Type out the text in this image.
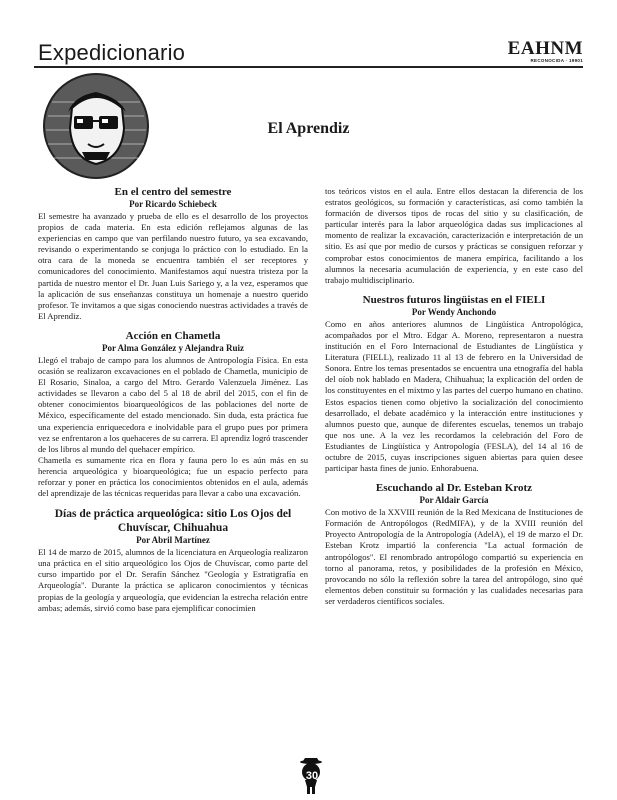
Expedicionario	EAHNM
RECONOCIDA · 19901
El Aprendiz

En el centro del semestre

Por Ricardo Schiebeck

El semestre ha avanzado y prueba de ello es el desarrollo de los proyectos propios de cada materia. En esta edición reflejamos algunas de las experiencias en campo que van perfilando nuestro futuro, ya sea excavando, revisando o experimentando se conjuga lo práctico con lo estudiado. En la otra cara de la moneda se encuentra también el ser receptores y comunicadores del conocimiento. Manifestamos aquí nuestra tristeza por la partida de nuestro mentor el Dr. Juan Luis Sariego y, a la vez, esperamos que la aplicación de sus enseñanzas constituya un homenaje a nuestro querido profesor. Te invitamos a que sigas conociendo nuestras actividades a través de El Aprendiz.

Acción en Chametla

Por Alma González y Alejandra Ruiz

Llegó el trabajo de campo para los alumnos de Antropología Física. En esta ocasión se realizaron excavaciones en el poblado de Chametla, municipio de El Rosario, Sinaloa, a cargo del Mtro. Gerardo Valenzuela Jiménez. Las actividades se llevaron a cabo del 5 al 18 de abril del 2015, con el fin de obtener conocimientos bioarqueológicos de las poblaciones del norte de México, específicamente del estado mencionado. Sin duda, esta práctica fue una experiencia enriquecedora e inolvidable para el grupo pues por primera vez se enfrentaron a los quehaceres de su carrera. El aprendiz logró trascender de los libros al mundo del quehacer empírico.

Chametla es sumamente rica en flora y fauna pero lo es aún más en su herencia arqueológica y bioarqueológica; fue un espacio perfecto para reforzar y poner en práctica los conocimientos obtenidos en el aula, además del aprendizaje de las técnicas requeridas para llevar a cabo una excavación.

Días de práctica arqueológica: sitio Los Ojos del Chuvíscar, Chihuahua

Por Abril Martínez

El 14 de marzo de 2015, alumnos de la licenciatura en Arqueología realizaron una práctica en el sitio arqueológico los Ojos de Chuvíscar, como parte del curso impartido por el Dr. Serafín Sánchez "Geología y Estratigrafía en Arqueología". Durante la práctica se aplicaron conocimientos y técnicas propias de la geología y arqueología, que evidencian la estrecha relación entre ambas; además, sirvió como base para ejemplificar conocimien

tos teóricos vistos en el aula. Entre ellos destacan la diferencia de los estratos geológicos, su formación y características, así como también la formación de diversos tipos de rocas del sitio y su clasificación, de particular interés para la labor arqueológica dadas sus implicaciones al momento de realizar la excavación, caracterización e interpretación de un sitio. Es así que por medio de cursos y prácticas se consiguen reforzar y comprobar estos conocimientos de manera empírica, facilitando a los alumnos la necesaria acumulación de experiencia, y en este caso del trabajo multidisciplinario.

Nuestros futuros lingüistas en el FIELI

Por Wendy Anchondo

Como en años anteriores alumnos de Lingüística Antropológica, acompañados por el Mtro. Edgar A. Moreno, representaron a nuestra institución en el Foro Internacional de Estudiantes de Lingüística y Literatura (FIELL), realizado 11 al 13 de febrero en la Universidad de Sonora. Entre los temas presentados se encuentra una etnografía del habla del oíob nok hablado en Madera, Chihuahua; la explicación del orden de los constituyentes en el mixtmo y las partes del cuerpo humano en chatino. Estos espacios tienen como objetivo la socialización del conocimiento desarrollado, el debate académico y la interacción entre instituciones y alumnos puesto que, aunque de diferentes escuelas, tenemos un trabajo que nos une. A la vez les recordamos la celebración del Foro de Estudiantes de Lingüística y Antropología (FESLA), del 14 al 16 de octubre de 2015, cuyas inscripciones siguen abiertas para quien desee participar hasta fines de junio. Enhorabuena.

Escuchando al Dr. Esteban Krotz

Por Aldair García

Con motivo de la XXVIII reunión de la Red Mexicana de Instituciones de Formación de Antropólogos (RedMIFA), y de la XVIII reunión del Proyecto Antropología de la Antropología (AdelA), el 19 de marzo el Dr. Esteban Krotz impartió la conferencia "La actual formación de antropólogos". El renombrado antropólogo compartió su experiencia en torno al panorama, retos, y posibilidades de la profesión en México, provocando no sólo la reflexión sobre la tarea del antropólogo, sino qué elementos deben constituir su formación y las cualidades necesarias para ser verdaderos científicos sociales.

30
